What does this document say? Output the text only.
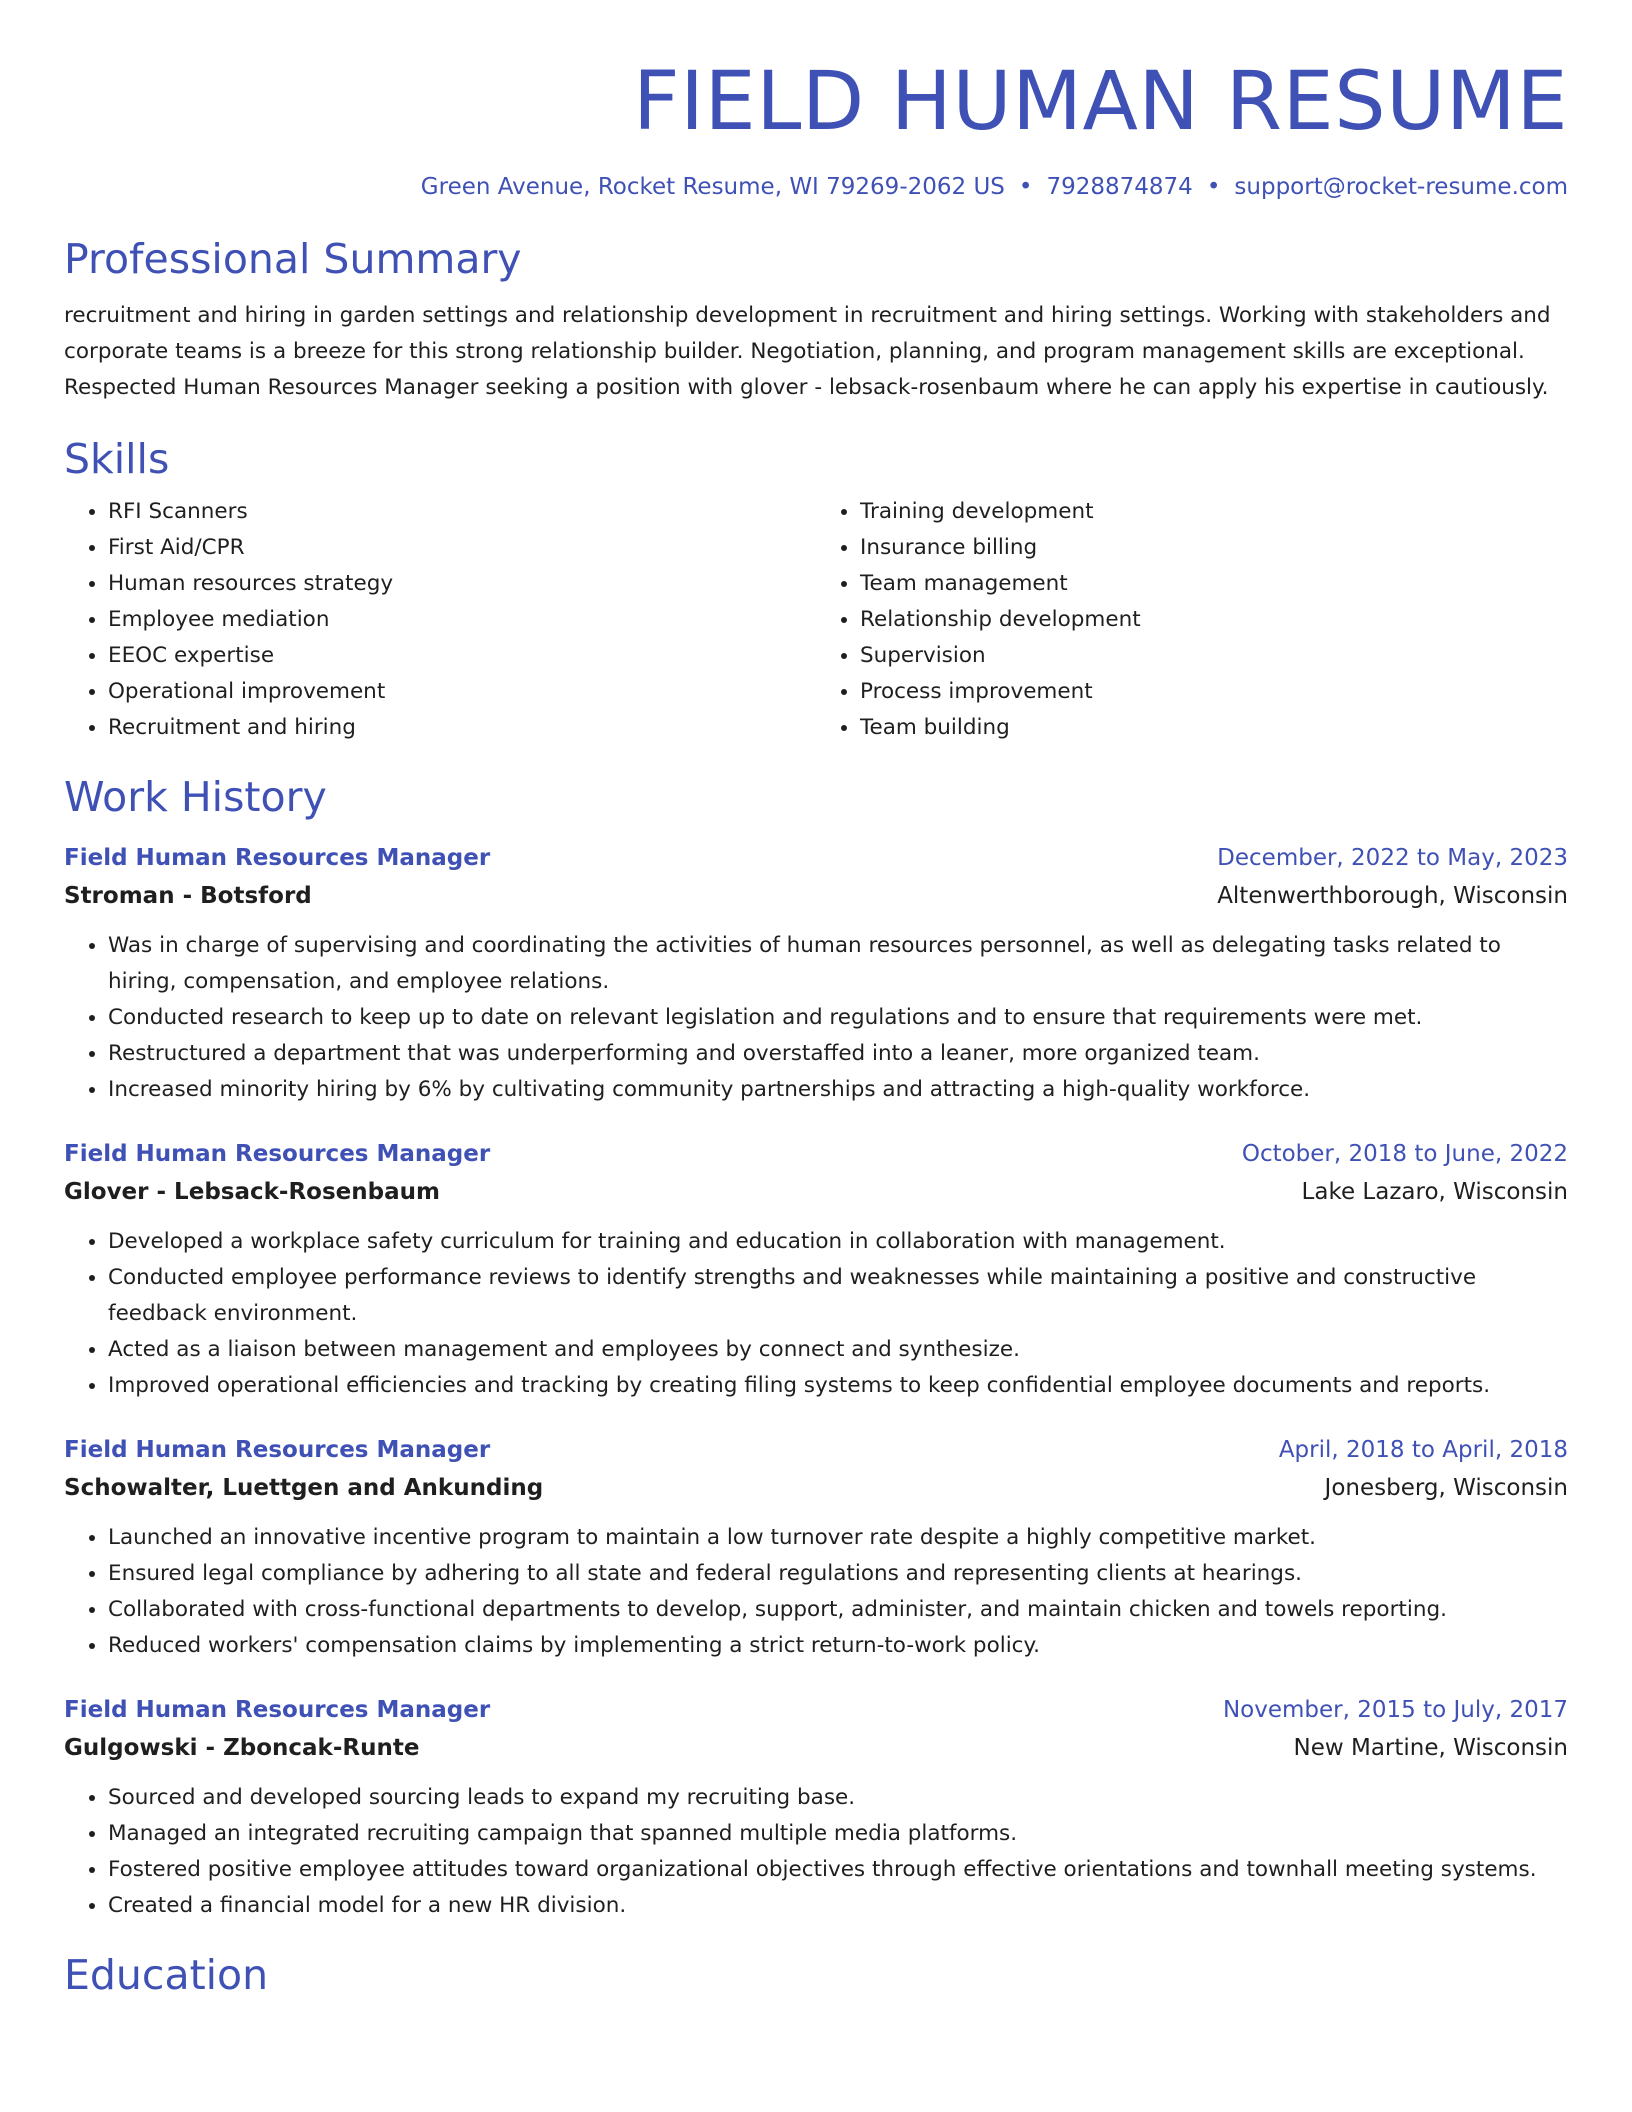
FIELD HUMAN RESUME
Green Avenue, Rocket Resume, WI 79269-2062 US • 7928874874 • support@rocket-resume.com
Professional Summary
recruitment and hiring in garden settings and relationship development in recruitment and hiring settings. Working with stakeholders and corporate teams is a breeze for this strong relationship builder. Negotiation, planning, and program management skills are exceptional. Respected Human Resources Manager seeking a position with glover - lebsack-rosenbaum where he can apply his expertise in cautiously.
Skills
• RFI Scanners
• First Aid/CPR
• Human resources strategy
• Employee mediation
• EEOC expertise
• Operational improvement
• Recruitment and hiring
• Training development
• Insurance billing
• Team management
• Relationship development
• Supervision
• Process improvement
• Team building
Work History
Field Human Resources Manager	December, 2022 to May, 2023
Stroman - Botsford	Altenwerthborough, Wisconsin
• Was in charge of supervising and coordinating the activities of human resources personnel, as well as delegating tasks related to hiring, compensation, and employee relations.
• Conducted research to keep up to date on relevant legislation and regulations and to ensure that requirements were met.
• Restructured a department that was underperforming and overstaffed into a leaner, more organized team.
• Increased minority hiring by 6% by cultivating community partnerships and attracting a high-quality workforce.
Field Human Resources Manager	October, 2018 to June, 2022
Glover - Lebsack-Rosenbaum	Lake Lazaro, Wisconsin
• Developed a workplace safety curriculum for training and education in collaboration with management.
• Conducted employee performance reviews to identify strengths and weaknesses while maintaining a positive and constructive feedback environment.
• Acted as a liaison between management and employees by connect and synthesize.
• Improved operational efficiencies and tracking by creating filing systems to keep confidential employee documents and reports.
Field Human Resources Manager	April, 2018 to April, 2018
Schowalter, Luettgen and Ankunding	Jonesberg, Wisconsin
• Launched an innovative incentive program to maintain a low turnover rate despite a highly competitive market.
• Ensured legal compliance by adhering to all state and federal regulations and representing clients at hearings.
• Collaborated with cross-functional departments to develop, support, administer, and maintain chicken and towels reporting.
• Reduced workers' compensation claims by implementing a strict return-to-work policy.
Field Human Resources Manager	November, 2015 to July, 2017
Gulgowski - Zboncak-Runte	New Martine, Wisconsin
• Sourced and developed sourcing leads to expand my recruiting base.
• Managed an integrated recruiting campaign that spanned multiple media platforms.
• Fostered positive employee attitudes toward organizational objectives through effective orientations and townhall meeting systems.
• Created a financial model for a new HR division.
Education
